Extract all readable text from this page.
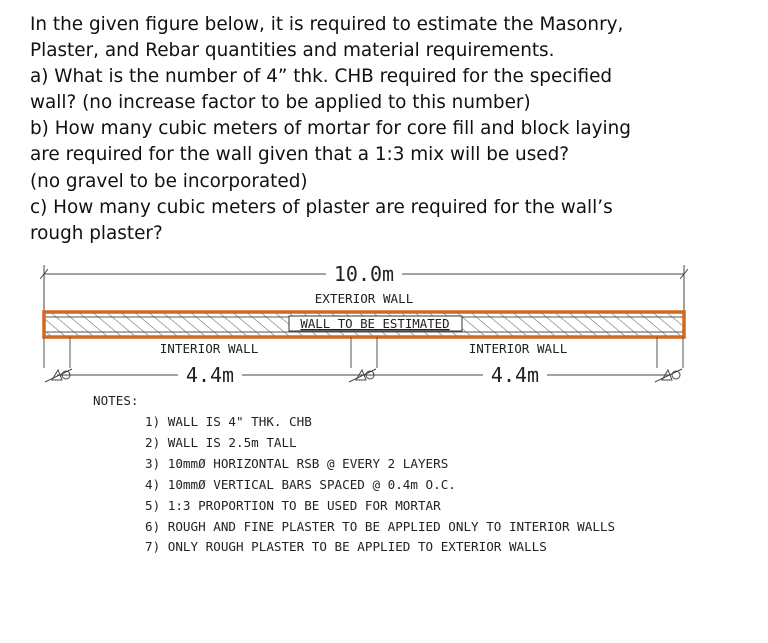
In the given figure below, it is required to estimate the Masonry,
Plaster, and Rebar quantities and material requirements.
a) What is the number of 4” thk. CHB required for the specified
wall? (no increase factor to be applied to this number)
b) How many cubic meters of mortar for core fill and block laying
are required for the wall given that a 1:3 mix will be used?
(no gravel to be incorporated)
c) How many cubic meters of plaster are required for the wall’s
rough plaster?
10.0m
EXTERIOR WALL
WALL TO BE ESTIMATED
INTERIOR WALL	INTERIOR WALL
4.4m	4.4m
NOTES:
1) WALL IS 4" THK. CHB
2) WALL IS 2.5m TALL
3) 10mmØ HORIZONTAL RSB @ EVERY 2 LAYERS
4) 10mmØ VERTICAL BARS SPACED @ 0.4m O.C.
5) 1:3 PROPORTION TO BE USED FOR MORTAR
6) ROUGH AND FINE PLASTER TO BE APPLIED ONLY TO INTERIOR WALLS
7) ONLY ROUGH PLASTER TO BE APPLIED TO EXTERIOR WALLS
